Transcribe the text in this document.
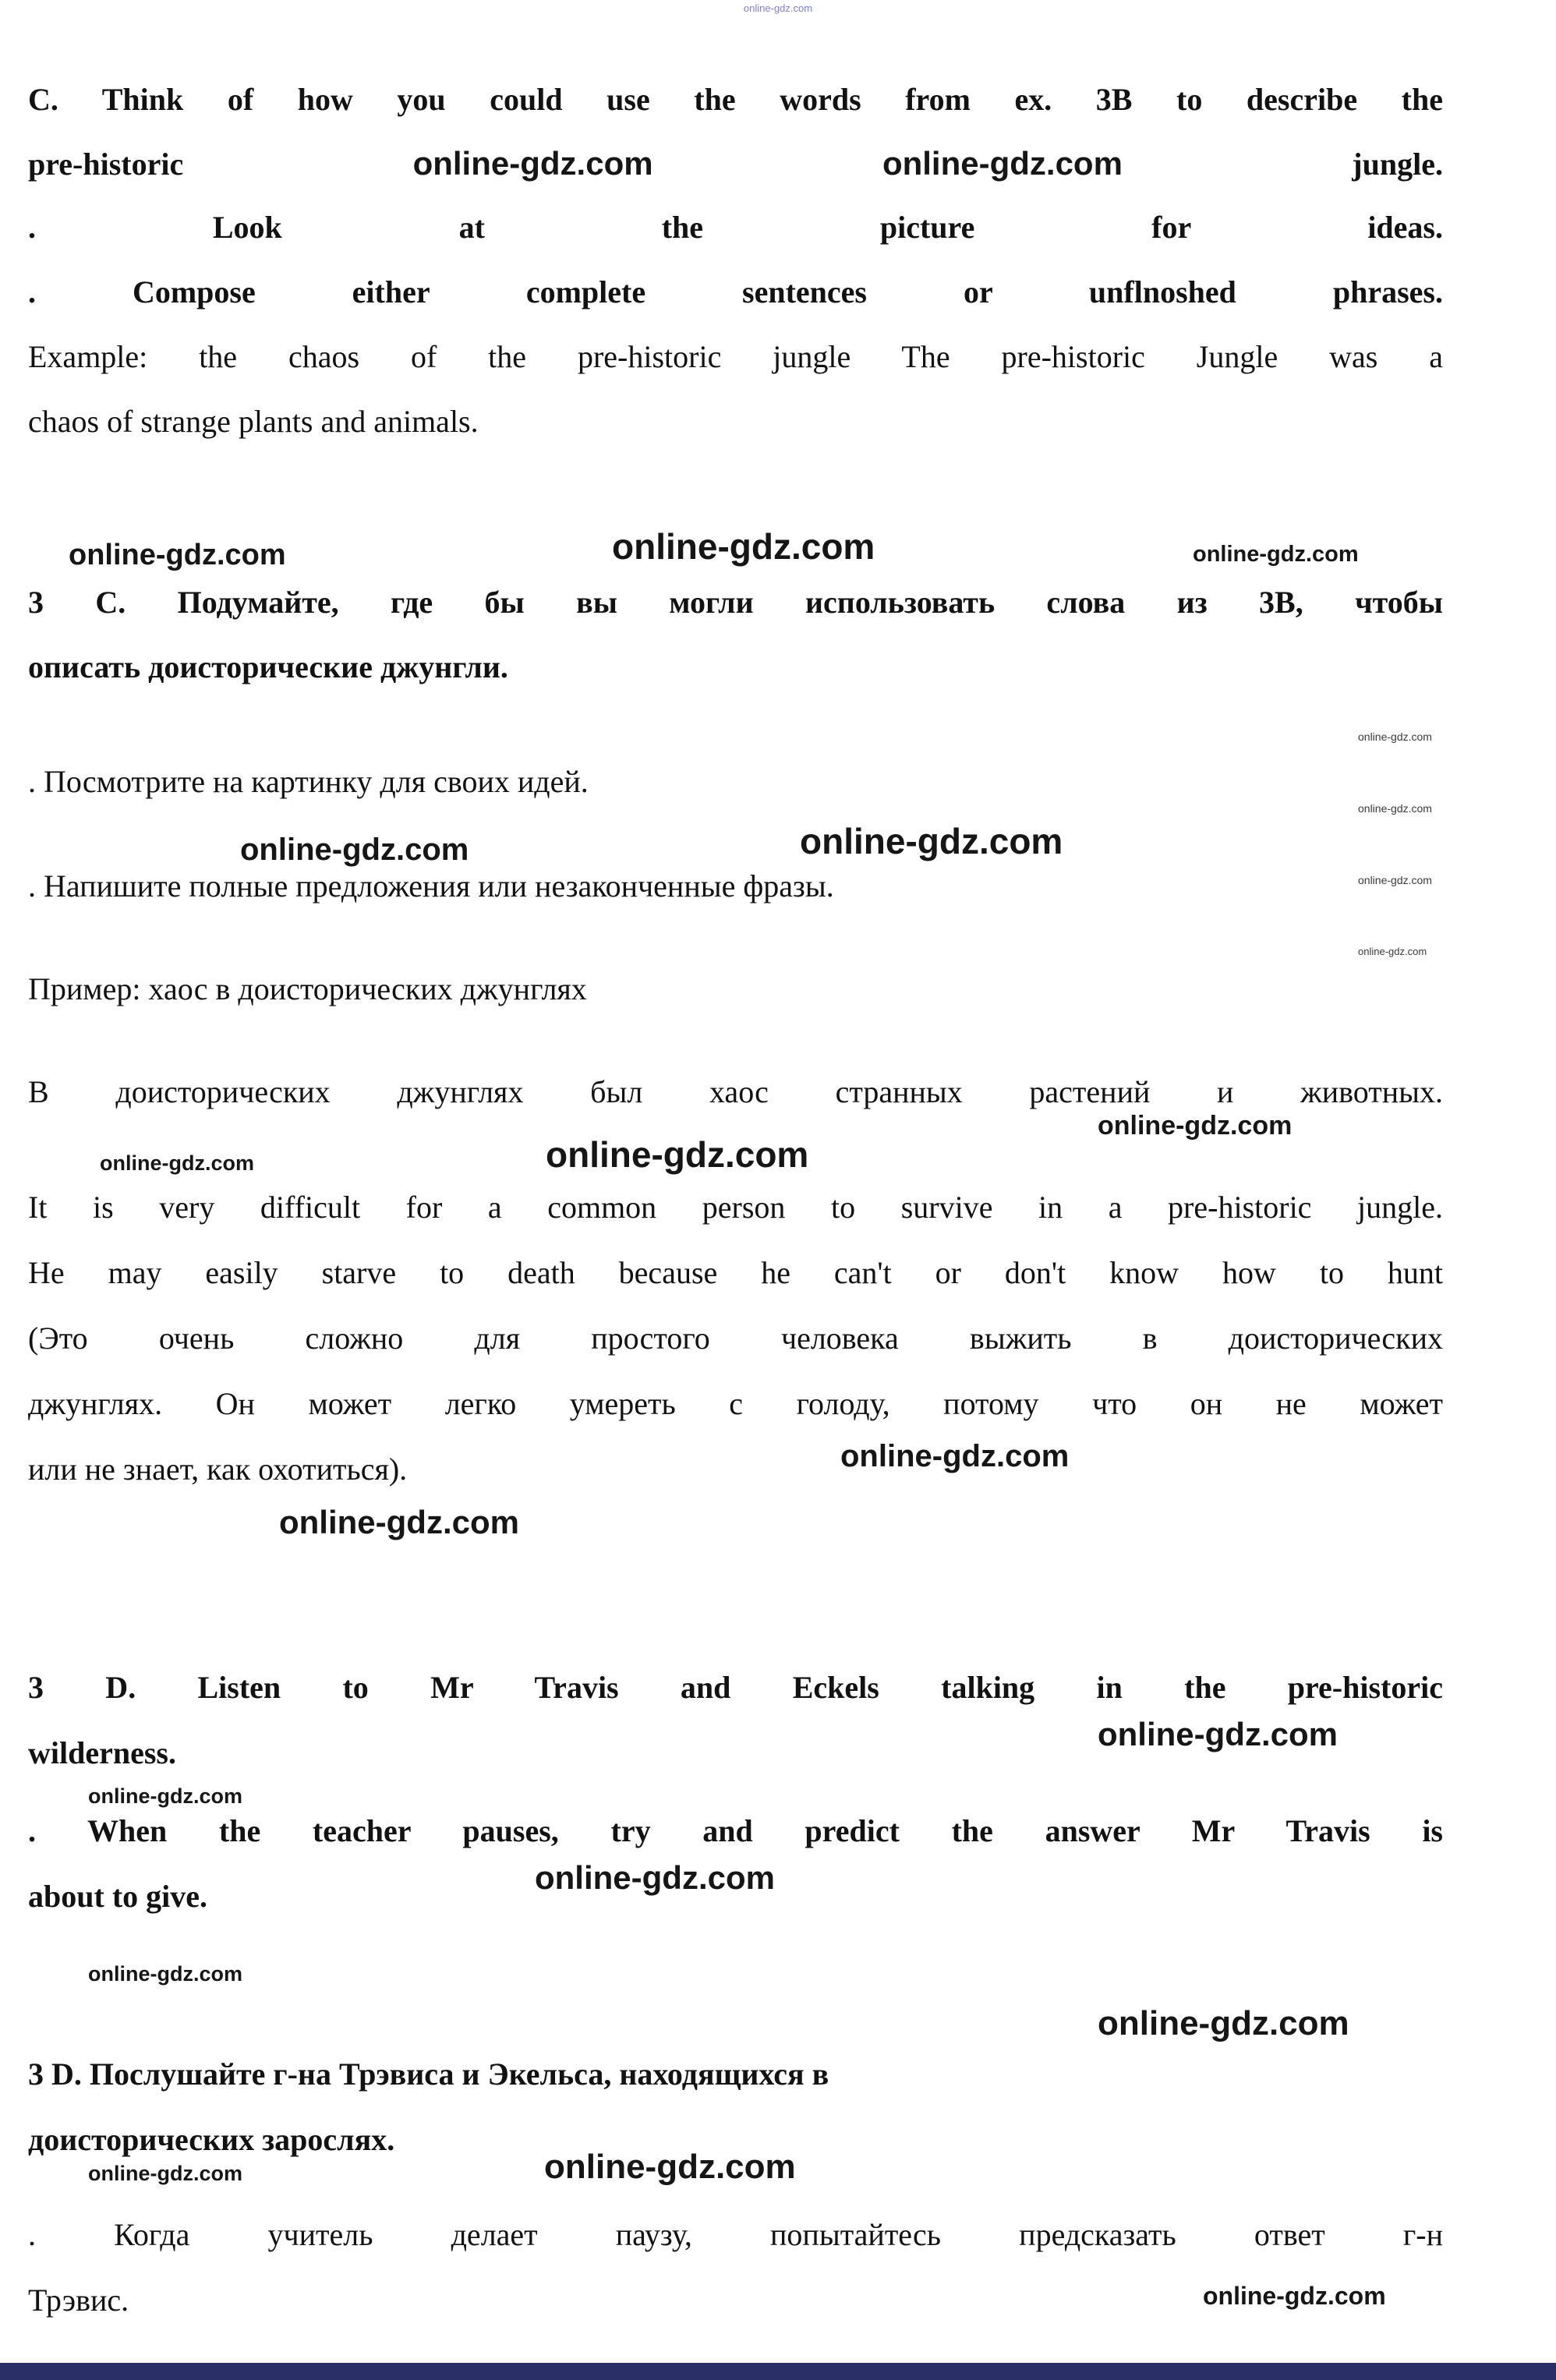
online-gdz.com
C. Think of how you could use the words from ex. 3B to describe the
pre-historic	online-gdz.com	online-gdz.com	jungle.
. Look at the picture for ideas.
. Compose either complete sentences or unflnoshed phrases.
Example: the chaos of the pre-historic jungle The pre-historic Jungle was a
chaos of strange plants and animals.
online-gdz.com	online-gdz.com	online-gdz.com
3 С. Подумайте, где бы вы могли использовать слова из 3В, чтобы
описать доисторические джунгли.
online-gdz.com
online-gdz.com
online-gdz.com
online-gdz.com
. Посмотрите на картинку для своих идей.
online-gdz.com	online-gdz.com
. Напишите полные предложения или незаконченные фразы.
Пример: хаос в доисторических джунглях
В доисторических джунглях был хаос странных растений и животных.
online-gdz.com
online-gdz.com	online-gdz.com
It is very difficult for a common person to survive in a pre-historic jungle.
He may easily starve to death because he can't or don't know how to hunt
(Это очень сложно для простого человека выжить в доисторических
джунглях. Он может легко умереть с голоду, потому что он не может
или не знает, как охотиться).	online-gdz.com
online-gdz.com
3 D. Listen to Mr Travis and Eckels talking in the pre-historic
online-gdz.com
wilderness.
online-gdz.com
. When the teacher pauses, try and predict the answer Mr Travis is
online-gdz.com
about to give.
online-gdz.com
online-gdz.com
3 D. Послушайте г-на Трэвиса и Экельса, находящихся в
доисторических зарослях.
online-gdz.com	online-gdz.com
. Когда учитель делает паузу, попытайтесь предсказать ответ г-н
Трэвис.	online-gdz.com
